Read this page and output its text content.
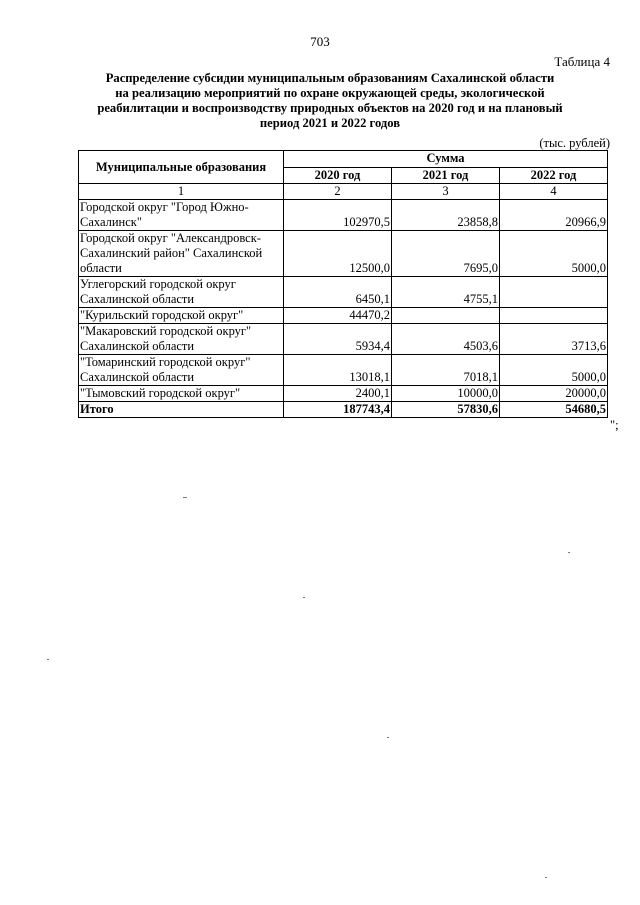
703
Таблица 4
Распределение субсидии муниципальным образованиям Сахалинской области
на реализацию мероприятий по охране окружающей среды, экологической
реабилитации и воспроизводству природных объектов на 2020 год и на плановый
период 2021 и 2022 годов
(тыс. рублей)
Муниципальные образования	Сумма		
	2020 год	2021 год	2022 год
1	2	3	4
Городской округ "Город Южно-Сахалинск"	102970,5	23858,8	20966,9
Городской округ "Александровск-Сахалинский район" Сахалинской области	12500,0	7695,0	5000,0
Углегорский городской округ Сахалинской области	6450,1	4755,1	
"Курильский городской округ"	44470,2		
"Макаровский городской округ" Сахалинской области	5934,4	4503,6	3713,6
"Томаринский городской округ" Сахалинской области	13018,1	7018,1	5000,0
"Тымовский городской округ"	2400,1	10000,0	20000,0
Итого	187743,4	57830,6	54680,5
";
